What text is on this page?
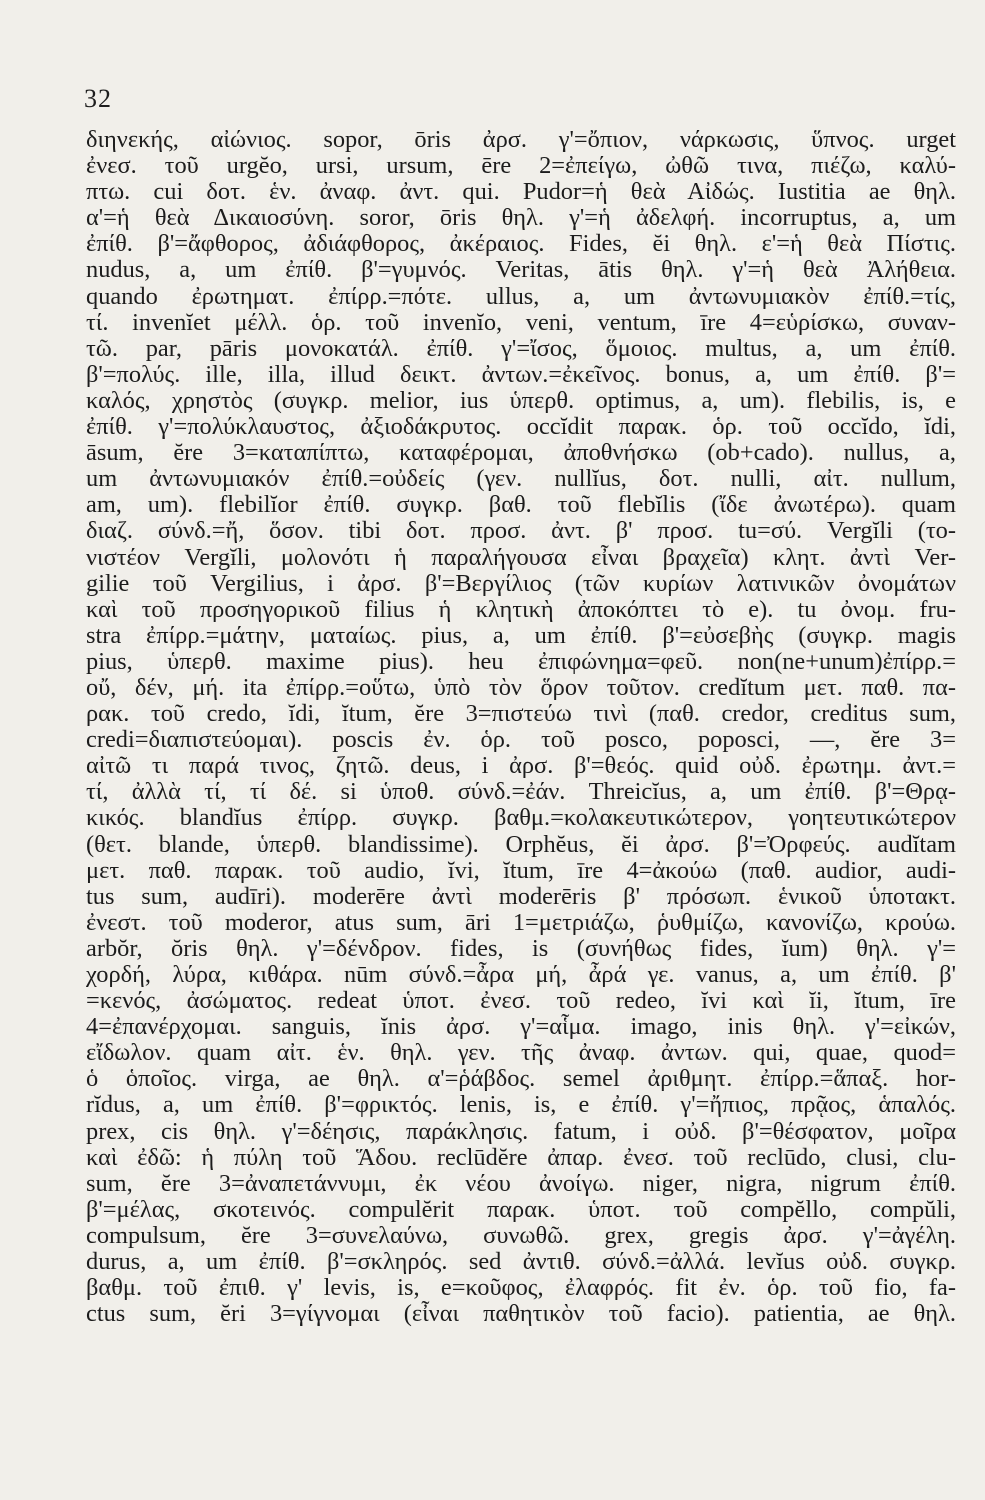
32
διηνεκής, αἰώνιος. sopor, ōris ἀρσ. γ'=ὄπιον, νάρκωσις, ὕπνος. urget
ἐνεσ. τοῦ urgĕo, ursi, ursum, ēre 2=ἐπείγω, ὠθῶ τινα, πιέζω, καλύ-
πτω. cui δοτ. ἑν. ἀναφ. ἀντ. qui. Pudor=ἡ θεὰ Αἰδώς. Iustitia ae θηλ.
α'=ἡ θεὰ Δικαιοσύνη. soror, ōris θηλ. γ'=ἡ ἀδελφή. incorruptus, a, um
ἐπίθ. β'=ἄφθορος, ἀδιάφθορος, ἀκέραιος. Fides, ĕi θηλ. ε'=ἡ θεὰ Πίστις.
nudus, a, um ἐπίθ. β'=γυμνός. Veritas, ātis θηλ. γ'=ἡ θεὰ Ἀλήθεια.
quando ἐρωτηματ. ἐπίρρ.=πότε. ullus, a, um ἀντωνυμιακὸν ἐπίθ.=τίς,
τί. invenĭet μέλλ. ὁρ. τοῦ invenĭo, veni, ventum, īre 4=εὑρίσκω, συναν-
τῶ. par, pāris μονοκατάλ. ἐπίθ. γ'=ἴσος, ὅμοιος. multus, a, um ἐπίθ.
β'=πολύς. ille, illa, illud δεικτ. ἀντων.=ἐκεῖνος. bonus, a, um ἐπίθ. β'=
καλός, χρηστὸς (συγκρ. melior, ius ὑπερθ. optimus, a, um). flebilis, is, e
ἐπίθ. γ'=πολύκλαυστος, ἀξιοδάκρυτος. occĭdit παρακ. ὁρ. τοῦ occĭdo, ĭdi,
āsum, ĕre 3=καταπίπτω, καταφέρομαι, ἀποθνήσκω (ob+cado). nullus, a,
um ἀντωνυμιακόν ἐπίθ.=οὐδείς (γεν. nullĭus, δοτ. nulli, αἰτ. nullum,
am, um). flebilĭor ἐπίθ. συγκρ. βαθ. τοῦ flebĭlis (ἴδε ἀνωτέρω). quam
διαζ. σύνδ.=ἤ, ὅσον. tibi δοτ. προσ. ἀντ. β' προσ. tu=σύ. Vergĭli (το-
νιστέον Vergĭli, μολονότι ἡ παραλήγουσα εἶναι βραχεῖα) κλητ. ἀντὶ Ver-
gilie τοῦ Vergilius, i ἀρσ. β'=Βεργίλιος (τῶν κυρίων λατινικῶν ὀνομάτων
καὶ τοῦ προσηγορικοῦ filius ἡ κλητικὴ ἀποκόπτει τὸ e). tu ὀνομ. fru-
stra ἐπίρρ.=μάτην, ματαίως. pius, a, um ἐπίθ. β'=εὐσεβὴς (συγκρ. magis
pius, ὑπερθ. maxime pius). heu ἐπιφώνημα=φεῦ. non(ne+unum)ἐπίρρ.=
οὔ, δέν, μή. ita ἐπίρρ.=οὕτω, ὑπὸ τὸν ὅρον τοῦτον. credĭtum μετ. παθ. πα-
ρακ. τοῦ credo, ĭdi, ĭtum, ĕre 3=πιστεύω τινὶ (παθ. credor, creditus sum,
credi=διαπιστεύομαι). poscis ἐν. ὁρ. τοῦ posco, poposci, —, ĕre 3=
αἰτῶ τι παρά τινος, ζητῶ. deus, i ἀρσ. β'=θεός. quid οὐδ. ἐρωτημ. ἀντ.=
τί, ἀλλὰ τί, τί δέ. si ὑποθ. σύνδ.=ἐάν. Threicĭus, a, um ἐπίθ. β'=Θρᾳ-
κικός. blandĭus ἐπίρρ. συγκρ. βαθμ.=κολακευτικώτερον, γοητευτικώτερον
(θετ. blande, ὑπερθ. blandissime). Orphĕus, ĕi ἀρσ. β'=Ὀρφεύς. audĭtam
μετ. παθ. παρακ. τοῦ audio, ĭvi, ĭtum, īre 4=ἀκούω (παθ. audior, audi-
tus sum, audīri). moderēre ἀντὶ moderēris β' πρόσωπ. ἑνικοῦ ὑποτακτ.
ἐνεστ. τοῦ moderor, atus sum, āri 1=μετριάζω, ῥυθμίζω, κανονίζω, κρούω.
arbŏr, ŏris θηλ. γ'=δένδρον. fides, is (συνήθως fides, ĭum) θηλ. γ'=
χορδή, λύρα, κιθάρα. nūm σύνδ.=ἆρα μή, ἆρά γε. vanus, a, um ἐπίθ. β'
=κενός, ἀσώματος. redeat ὑποτ. ἐνεσ. τοῦ redeo, ĭvi καὶ ĭi, ĭtum, īre
4=ἐπανέρχομαι. sanguis, ĭnis ἀρσ. γ'=αἷμα. imago, inis θηλ. γ'=εἰκών,
εἴδωλον. quam αἰτ. ἑν. θηλ. γεν. τῆς ἀναφ. ἀντων. qui, quae, quod=
ὁ ὁποῖος. virga, ae θηλ. α'=ῥάβδος. semel ἀριθμητ. ἐπίρρ.=ἅπαξ. hor-
rĭdus, a, um ἐπίθ. β'=φρικτός. lenis, is, e ἐπίθ. γ'=ἤπιος, πρᾷος, ἁπαλός.
prex, cis θηλ. γ'=δέησις, παράκλησις. fatum, i οὐδ. β'=θέσφατον, μοῖρα
καὶ ἐδῶ: ἡ πύλη τοῦ Ἅδου. reclūdĕre ἀπαρ. ἐνεσ. τοῦ reclūdo, clusi, clu-
sum, ĕre 3=ἀναπετάννυμι, ἐκ νέου ἀνοίγω. niger, nigra, nigrum ἐπίθ.
β'=μέλας, σκοτεινός. compulĕrit παρακ. ὑποτ. τοῦ compĕllo, compŭli,
compulsum, ĕre 3=συνελαύνω, συνωθῶ. grex, gregis ἀρσ. γ'=ἀγέλη.
durus, a, um ἐπίθ. β'=σκληρός. sed ἀντιθ. σύνδ.=ἀλλά. levĭus οὐδ. συγκρ.
βαθμ. τοῦ ἐπιθ. γ' levis, is, e=κοῦφος, ἐλαφρός. fit ἐν. ὁρ. τοῦ fio, fa-
ctus sum, ĕri 3=γίγνομαι (εἶναι παθητικὸν τοῦ facio). patientia, ae θηλ.
